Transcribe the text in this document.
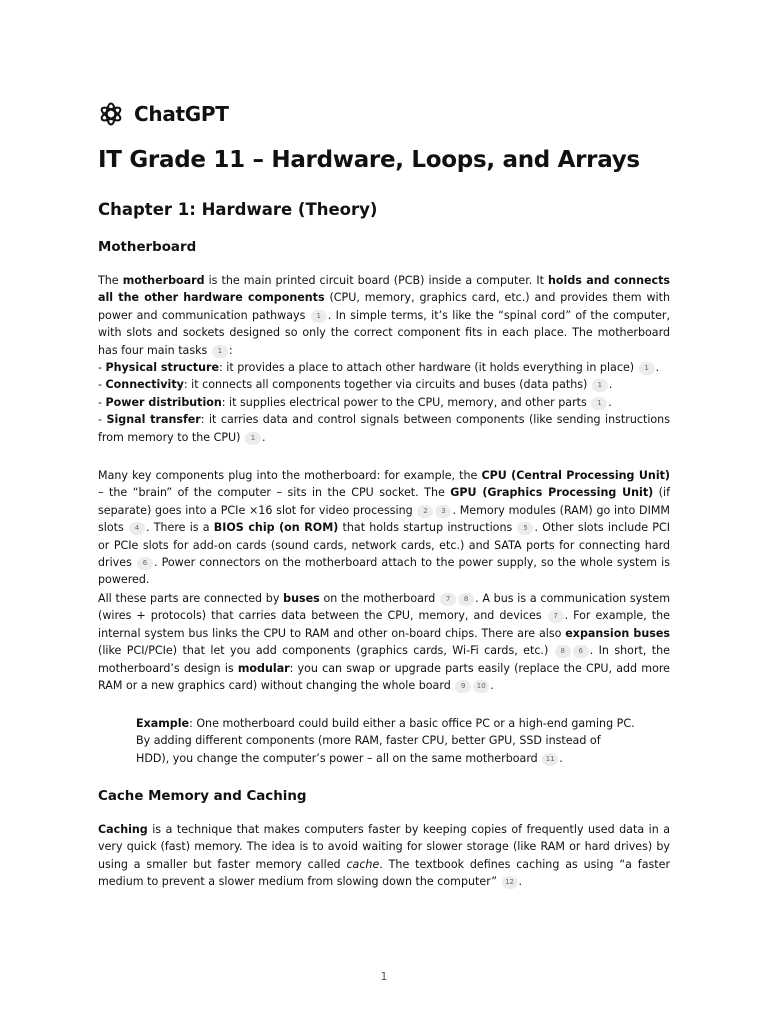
ChatGPT
IT Grade 11 – Hardware, Loops, and Arrays
Chapter 1: Hardware (Theory)
Motherboard

The motherboard is the main printed circuit board (PCB) inside a computer. It holds and connects all the other hardware components (CPU, memory, graphics card, etc.) and provides them with power and communication pathways 1 . In simple terms, it’s like the “spinal cord” of the computer, with slots and sockets designed so only the correct component fits in each place. The motherboard has four main tasks 1 :
- Physical structure: it provides a place to attach other hardware (it holds everything in place) 1 .
- Connectivity: it connects all components together via circuits and buses (data paths) 1 .
- Power distribution: it supplies electrical power to the CPU, memory, and other parts 1 .
- Signal transfer: it carries data and control signals between components (like sending instructions from memory to the CPU) 1 .

Many key components plug into the motherboard: for example, the CPU (Central Processing Unit) – the “brain” of the computer – sits in the CPU socket. The GPU (Graphics Processing Unit) (if separate) goes into a PCIe ×16 slot for video processing 2 3 . Memory modules (RAM) go into DIMM slots 4 . There is a BIOS chip (on ROM) that holds startup instructions 5 . Other slots include PCI or PCIe slots for add-on cards (sound cards, network cards, etc.) and SATA ports for connecting hard drives 6 . Power connectors on the motherboard attach to the power supply, so the whole system is powered.

All these parts are connected by buses on the motherboard 7 8 . A bus is a communication system (wires + protocols) that carries data between the CPU, memory, and devices 7 . For example, the internal system bus links the CPU to RAM and other on-board chips. There are also expansion buses (like PCI/PCIe) that let you add components (graphics cards, Wi-Fi cards, etc.) 8 6 . In short, the motherboard’s design is modular: you can swap or upgrade parts easily (replace the CPU, add more RAM or a new graphics card) without changing the whole board 9 10 .

Example: One motherboard could build either a basic office PC or a high-end gaming PC. By adding different components (more RAM, faster CPU, better GPU, SSD instead of HDD), you change the computer’s power – all on the same motherboard 11 .

Cache Memory and Caching

Caching is a technique that makes computers faster by keeping copies of frequently used data in a very quick (fast) memory. The idea is to avoid waiting for slower storage (like RAM or hard drives) by using a smaller but faster memory called cache. The textbook defines caching as using “a faster medium to prevent a slower medium from slowing down the computer” 12 .

1
